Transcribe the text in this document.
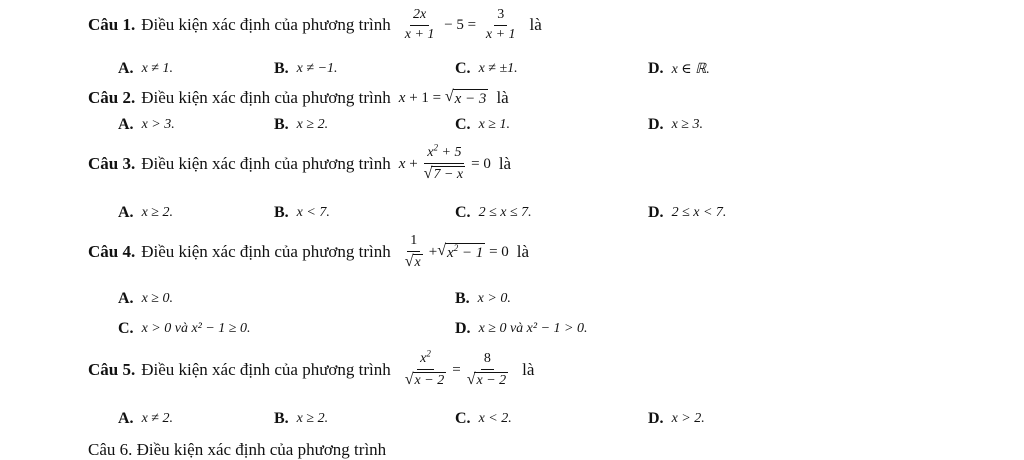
Câu 1. Điều kiện xác định của phương trình $\frac{2x}{x + 1} - 5 = \frac{3}{x + 1}$ là
A. x ≠ 1.	B. x ≠ −1.	C. x ≠ ±1.	D. x ∈ ℝ.
Câu 2. Điều kiện xác định của phương trình x + 1 = √ x − 3 là
A. x > 3.	B. x ≥ 2.	C. x ≥ 1.	D. x ≥ 3.
Câu 3. Điều kiện xác định của phương trình $x + \frac{x^2 + 5}{√ 7 - x} = 0$ là
A. x ≥ 2.	B. x < 7.	C. 2 ≤ x ≤ 7.	D. 2 ≤ x < 7.
Câu 4. Điều kiện xác định của phương trình $\frac{1}{√ x}$ + √ $x^2 - 1 = 0$ là
A. x ≥ 0.	B. x > 0.
C. x > 0 và x² − 1 ≥ 0.	D. x ≥ 0 và x² − 1 > 0.
Câu 5. Điều kiện xác định của phương trình $\frac{x^2}{√ x - 2} = \frac{8}{√ x - 2}$ là
A. x ≠ 2.	B. x ≥ 2.	C. x < 2.	D. x > 2.
Câu 6. Điều kiện xác định của phương trình
